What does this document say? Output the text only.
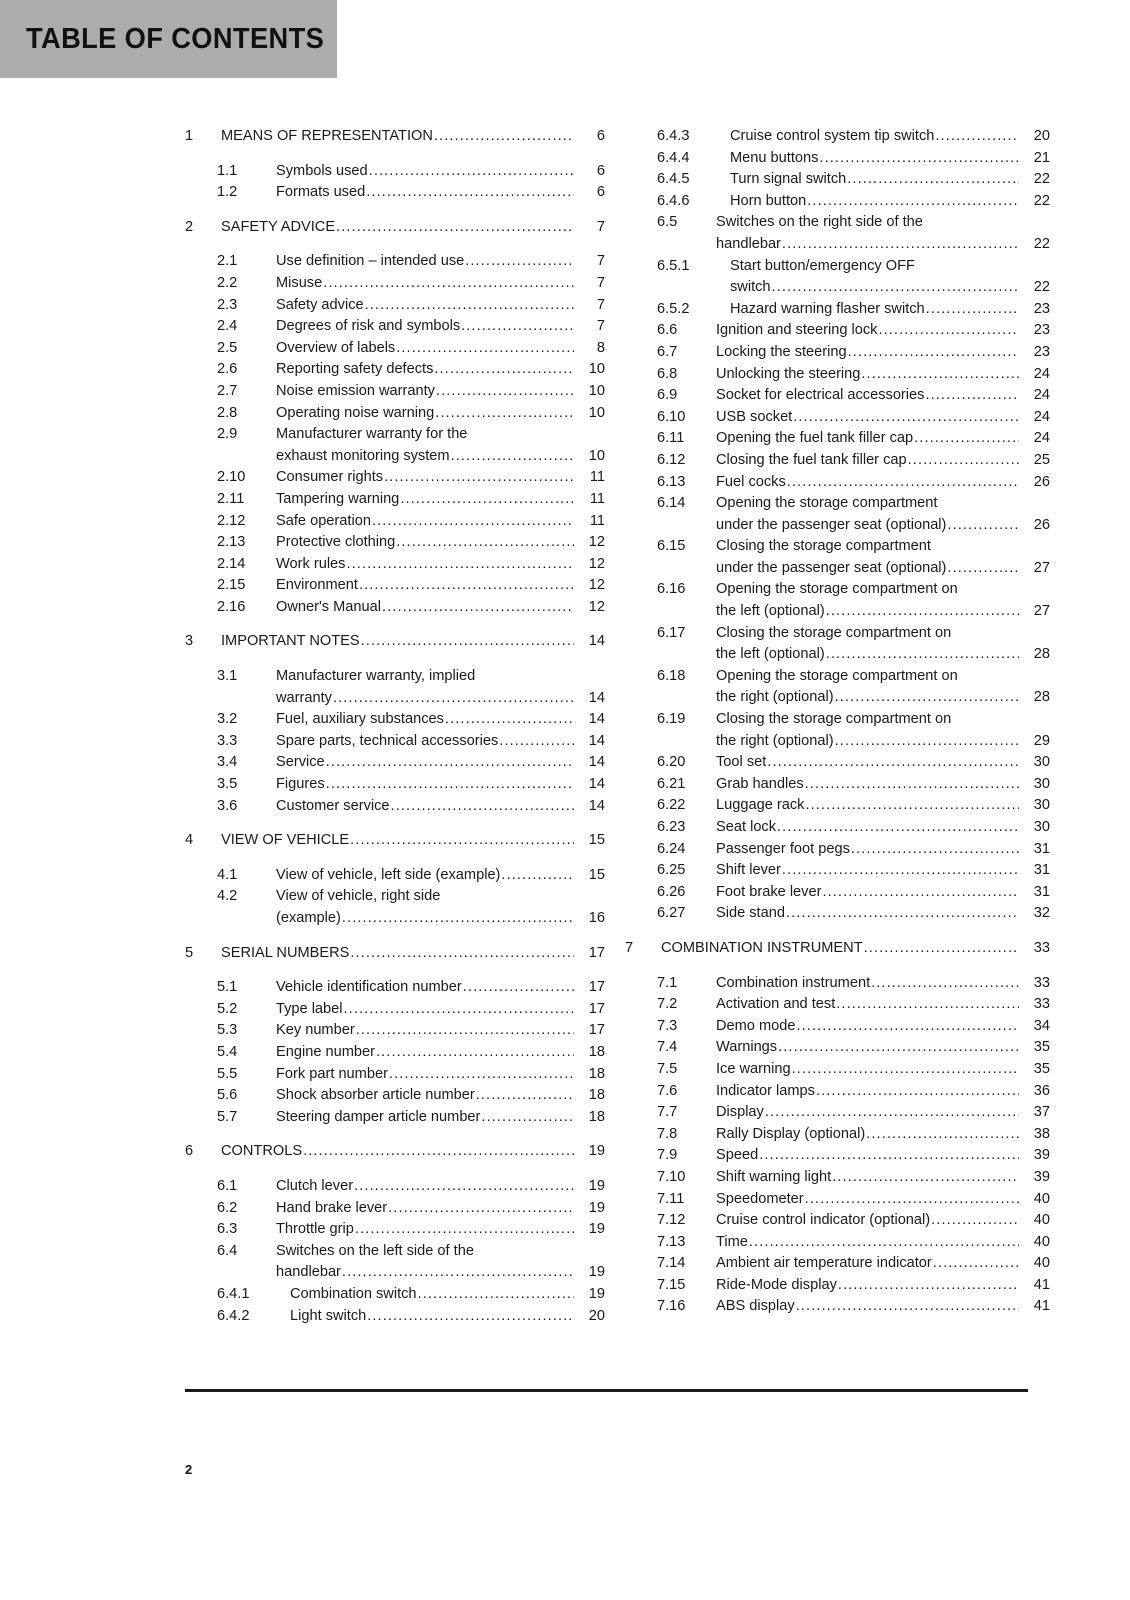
TABLE OF CONTENTS
1	MEANS OF REPRESENTATION .....	6
1.1	Symbols used .....	6
1.2	Formats used .....	6
2	SAFETY ADVICE .....	7
2.1	Use definition – intended use .....	7
2.2	Misuse .....	7
2.3	Safety advice .....	7
2.4	Degrees of risk and symbols .....	7
2.5	Overview of labels .....	8
2.6	Reporting safety defects .....	10
2.7	Noise emission warranty .....	10
2.8	Operating noise warning .....	10
2.9	Manufacturer warranty for the
exhaust monitoring system .....	10
2.10	Consumer rights .....	11
2.11	Tampering warning .....	11
2.12	Safe operation .....	11
2.13	Protective clothing .....	12
2.14	Work rules .....	12
2.15	Environment .....	12
2.16	Owner's Manual .....	12
3	IMPORTANT NOTES .....	14
3.1	Manufacturer warranty, implied
warranty .....	14
3.2	Fuel, auxiliary substances .....	14
3.3	Spare parts, technical accessories .....	14
3.4	Service .....	14
3.5	Figures .....	14
3.6	Customer service .....	14
4	VIEW OF VEHICLE .....	15
4.1	View of vehicle, left side (example) .....	15
4.2	View of vehicle, right side
(example) .....	16
5	SERIAL NUMBERS .....	17
5.1	Vehicle identification number .....	17
5.2	Type label .....	17
5.3	Key number .....	17
5.4	Engine number .....	18
5.5	Fork part number .....	18
5.6	Shock absorber article number .....	18
5.7	Steering damper article number .....	18
6	CONTROLS .....	19
6.1	Clutch lever .....	19
6.2	Hand brake lever .....	19
6.3	Throttle grip .....	19
6.4	Switches on the left side of the
handlebar .....	19
6.4.1	Combination switch .....	19
6.4.2	Light switch .....	20
6.4.3	Cruise control system tip switch .....	20
6.4.4	Menu buttons .....	21
6.4.5	Turn signal switch .....	22
6.4.6	Horn button .....	22
6.5	Switches on the right side of the
handlebar .....	22
6.5.1	Start button/emergency OFF
switch .....	22
6.5.2	Hazard warning flasher switch .....	23
6.6	Ignition and steering lock .....	23
6.7	Locking the steering .....	23
6.8	Unlocking the steering .....	24
6.9	Socket for electrical accessories .....	24
6.10	USB socket .....	24
6.11	Opening the fuel tank filler cap .....	24
6.12	Closing the fuel tank filler cap .....	25
6.13	Fuel cocks .....	26
6.14	Opening the storage compartment
under the passenger seat (optional) .....	26
6.15	Closing the storage compartment
under the passenger seat (optional) .....	27
6.16	Opening the storage compartment on
the left (optional) .....	27
6.17	Closing the storage compartment on
the left (optional) .....	28
6.18	Opening the storage compartment on
the right (optional) .....	28
6.19	Closing the storage compartment on
the right (optional) .....	29
6.20	Tool set .....	30
6.21	Grab handles .....	30
6.22	Luggage rack .....	30
6.23	Seat lock .....	30
6.24	Passenger foot pegs .....	31
6.25	Shift lever .....	31
6.26	Foot brake lever .....	31
6.27	Side stand .....	32
7	COMBINATION INSTRUMENT .....	33
7.1	Combination instrument .....	33
7.2	Activation and test .....	33
7.3	Demo mode .....	34
7.4	Warnings .....	35
7.5	Ice warning .....	35
7.6	Indicator lamps .....	36
7.7	Display .....	37
7.8	Rally Display (optional) .....	38
7.9	Speed .....	39
7.10	Shift warning light .....	39
7.11	Speedometer .....	40
7.12	Cruise control indicator (optional) .....	40
7.13	Time .....	40
7.14	Ambient air temperature indicator .....	40
7.15	Ride-Mode display .....	41
7.16	ABS display .....	41
2
